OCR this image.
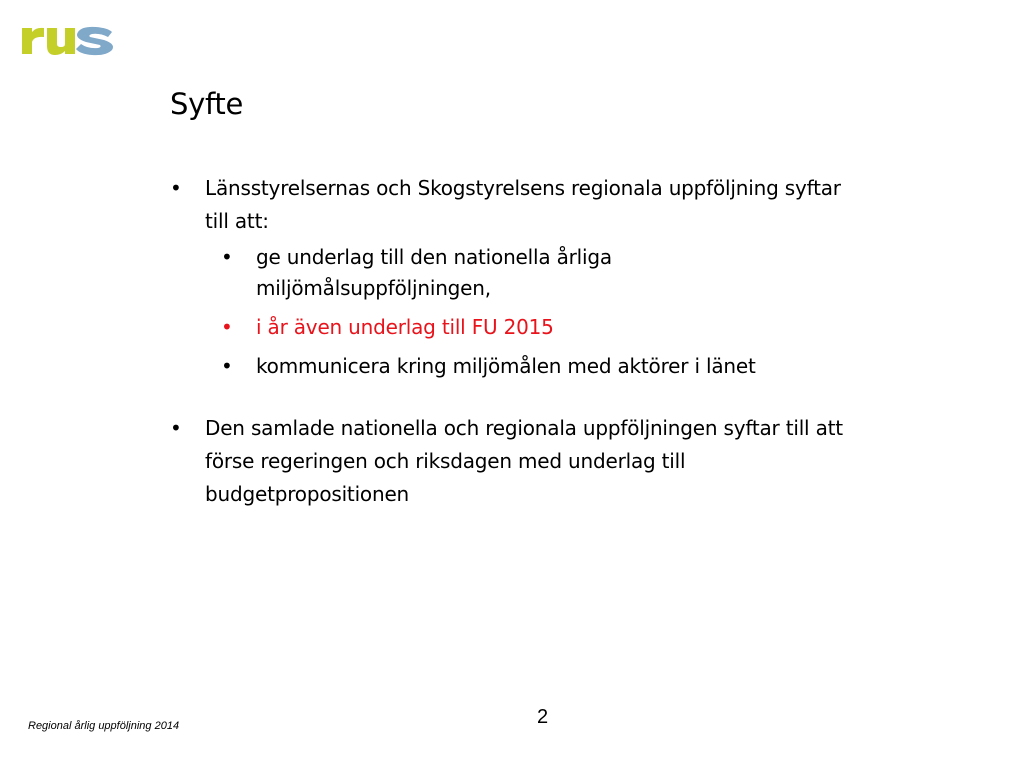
Syfte
•	Länsstyrelsernas och Skogstyrelsens regionala uppföljning syftar till att:
•	ge underlag till den nationella årliga miljömålsuppföljningen,
•	i år även underlag till FU 2015
•	kommunicera kring miljömålen med aktörer i länet
•	Den samlade nationella och regionala uppföljningen syftar till att förse regeringen och riksdagen med underlag till budgetpropositionen
Regional årlig uppföljning 2014	2
